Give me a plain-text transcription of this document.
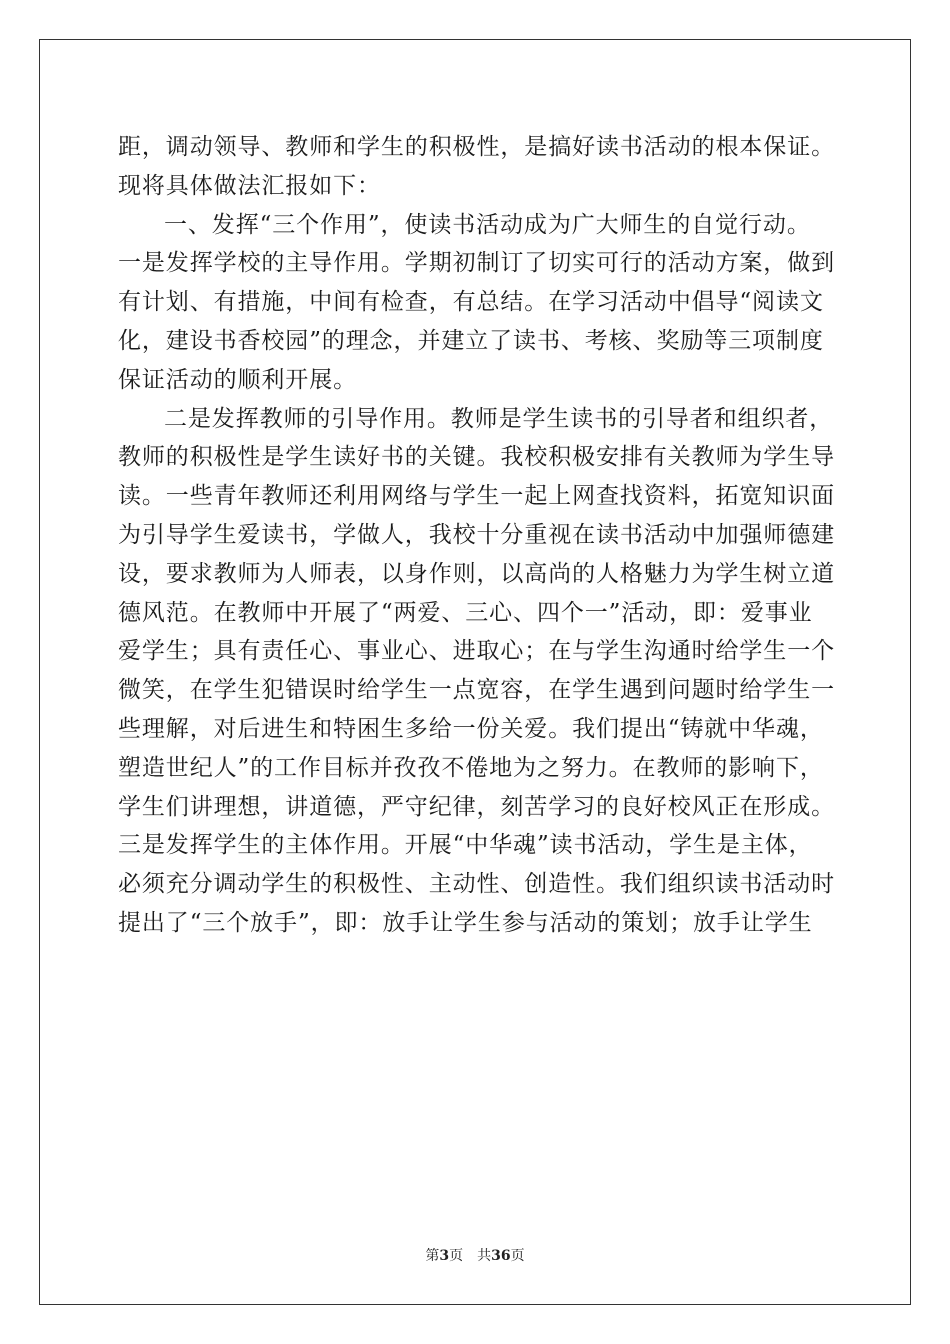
距，调动领导、教师和学生的积极性，是搞好读书活动的根本保证。
现将具体做法汇报如下：
一、发挥“三个作用”，使读书活动成为广大师生的自觉行动。
一是发挥学校的主导作用。学期初制订了切实可行的活动方案，做到
有计划、有措施，中间有检查，有总结。在学习活动中倡导“阅读文
化，建设书香校园”的理念，并建立了读书、考核、奖励等三项制度
保证活动的顺利开展。
二是发挥教师的引导作用。教师是学生读书的引导者和组织者，
教师的积极性是学生读好书的关键。我校积极安排有关教师为学生导
读。一些青年教师还利用网络与学生一起上网查找资料，拓宽知识面
为引导学生爱读书，学做人，我校十分重视在读书活动中加强师德建
设，要求教师为人师表，以身作则，以高尚的人格魅力为学生树立道
德风范。在教师中开展了“两爱、三心、四个一”活动，即：爱事业
爱学生；具有责任心、事业心、进取心；在与学生沟通时给学生一个
微笑，在学生犯错误时给学生一点宽容，在学生遇到问题时给学生一
些理解，对后进生和特困生多给一份关爱。我们提出“铸就中华魂，
塑造世纪人”的工作目标并孜孜不倦地为之努力。在教师的影响下，
学生们讲理想，讲道德，严守纪律，刻苦学习的良好校风正在形成。
三是发挥学生的主体作用。开展“中华魂”读书活动，学生是主体，
必须充分调动学生的积极性、主动性、创造性。我们组织读书活动时
提出了“三个放手”，即：放手让学生参与活动的策划；放手让学生
第3页 共36页
